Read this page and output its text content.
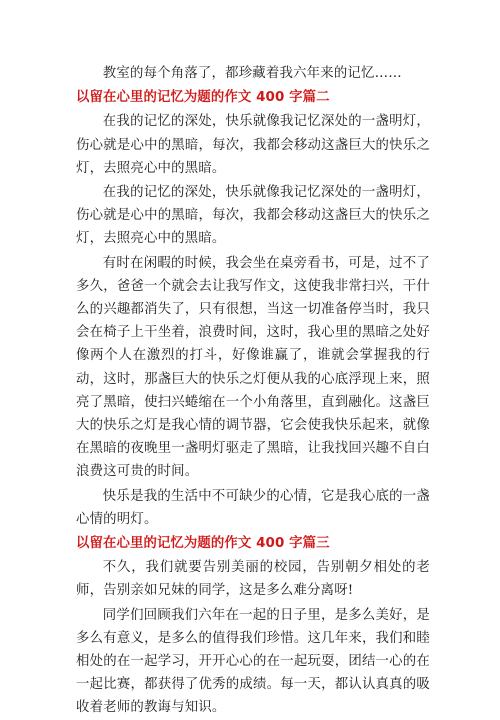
教室的每个角落了，都珍藏着我六年来的记忆……
以留在心里的记忆为题的作文 400 字篇二
在我的记忆的深处，快乐就像我记忆深处的一盏明灯，伤心就是心中的黑暗，每次，我都会移动这盏巨大的快乐之灯，去照亮心中的黑暗。
在我的记忆的深处，快乐就像我记忆深处的一盏明灯，伤心就是心中的黑暗，每次，我都会移动这盏巨大的快乐之灯，去照亮心中的黑暗。
有时在闲暇的时候，我会坐在桌旁看书，可是，过不了多久，爸爸一个就会去让我写作文，这使我非常扫兴，干什么的兴趣都消失了，只有很想，当这一切准备停当时，我只会在椅子上干坐着，浪费时间，这时，我心里的黑暗之处好像两个人在激烈的打斗，好像谁赢了，谁就会掌握我的行动，这时，那盏巨大的快乐之灯便从我的心底浮现上来，照亮了黑暗，使扫兴蜷缩在一个小角落里，直到融化。这盏巨大的快乐之灯是我心情的调节器，它会使我快乐起来，就像在黑暗的夜晚里一盏明灯驱走了黑暗，让我找回兴趣不自白浪费这可贵的时间。
快乐是我的生活中不可缺少的心情，它是我心底的一盏心情的明灯。
以留在心里的记忆为题的作文 400 字篇三
不久，我们就要告别美丽的校园，告别朝夕相处的老师，告别亲如兄妹的同学，这是多么难分离呀!
同学们回顾我们六年在一起的日子里，是多么美好，是多么有意义，是多么的值得我们珍惜。这几年来，我们和睦相处的在一起学习，开开心心的在一起玩耍，团结一心的在一起比赛，都获得了优秀的成绩。每一天，都认认真真的吸收着老师的教诲与知识。
